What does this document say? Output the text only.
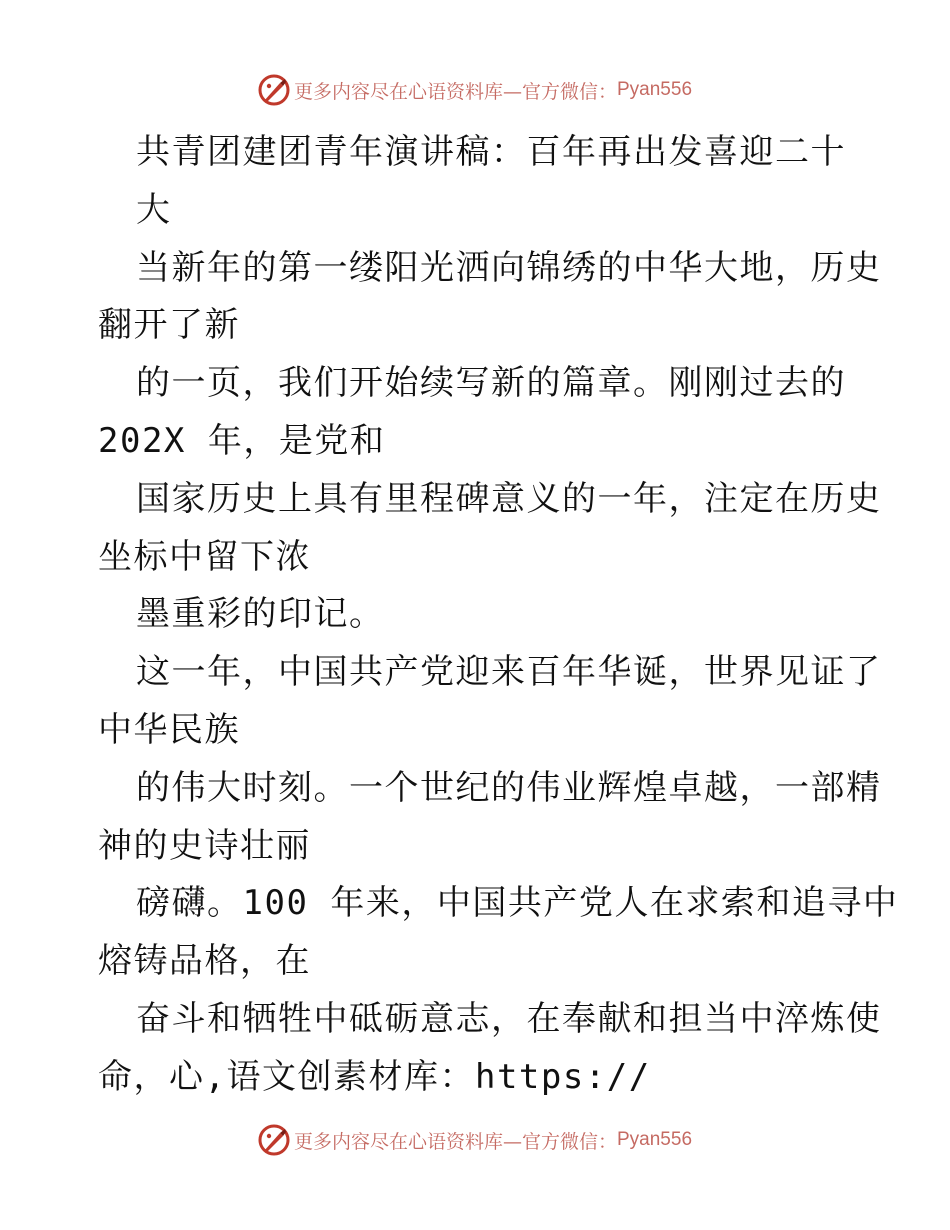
更多内容尽在心语资料库—官方微信： Pyan556
共青团建团青年演讲稿：百年再出发喜迎二十
大
当新年的第一缕阳光洒向锦绣的中华大地，历史
翻开了新
的一页，我们开始续写新的篇章。刚刚过去的
202X 年，是党和
国家历史上具有里程碑意义的一年，注定在历史
坐标中留下浓
墨重彩的印记。
这一年，中国共产党迎来百年华诞，世界见证了
中华民族
的伟大时刻。一个世纪的伟业辉煌卓越，一部精
神的史诗壮丽
磅礴。100 年来，中国共产党人在求索和追寻中
熔铸品格，在
奋斗和牺牲中砥砺意志，在奉献和担当中淬炼使
命，心,语文创素材库：https://
更多内容尽在心语资料库—官方微信： Pyan556
